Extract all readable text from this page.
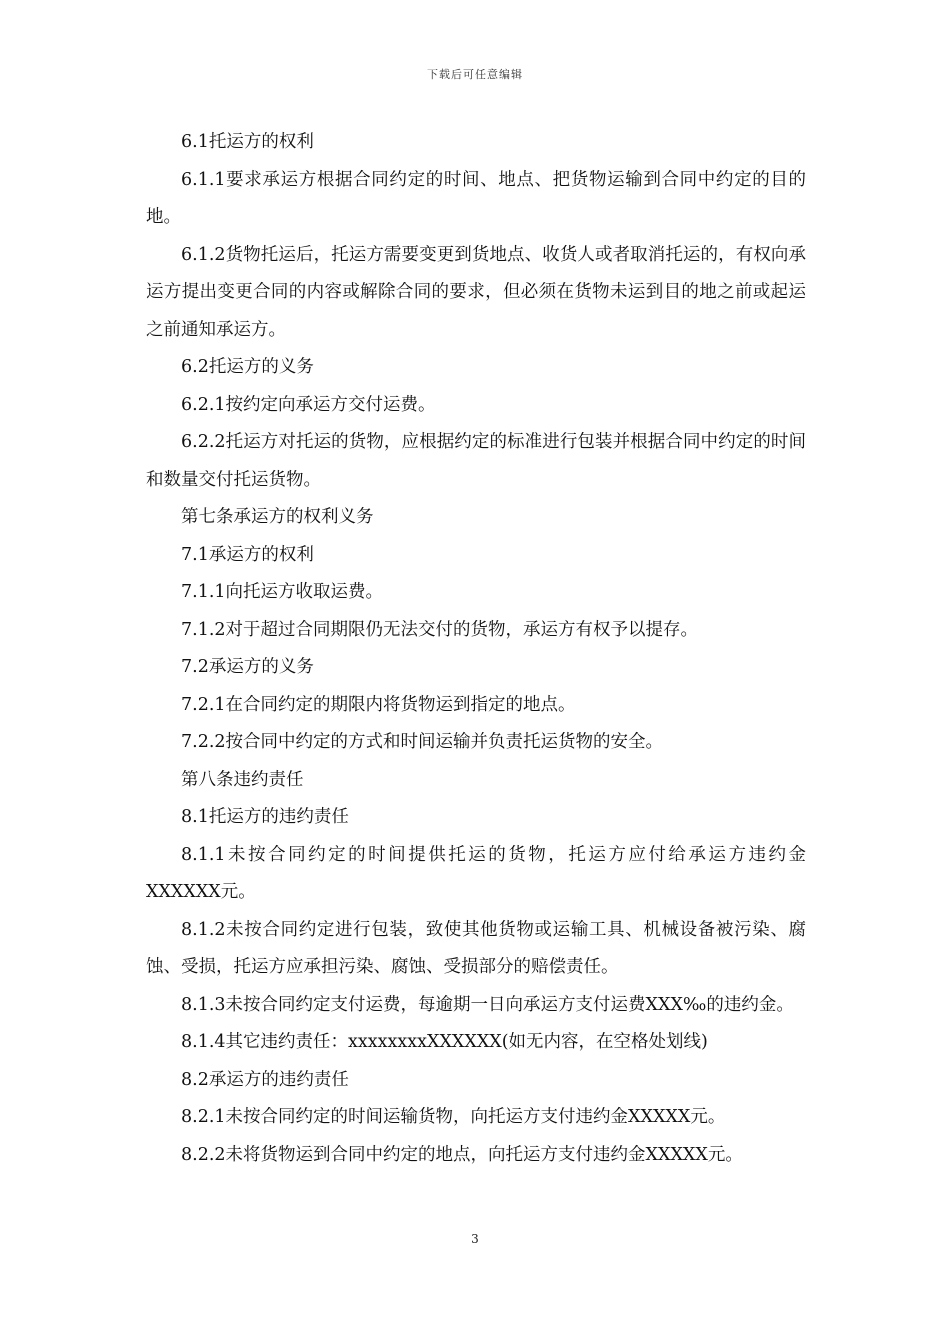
下载后可任意编辑

6.1托运方的权利

6.1.1要求承运方根据合同约定的时间、地点、把货物运输到合同中约定的目的地。

6.1.2货物托运后，托运方需要变更到货地点、收货人或者取消托运的，有权向承运方提出变更合同的内容或解除合同的要求，但必须在货物未运到目的地之前或起运之前通知承运方。

6.2托运方的义务

6.2.1按约定向承运方交付运费。

6.2.2托运方对托运的货物，应根据约定的标准进行包装并根据合同中约定的时间和数量交付托运货物。

第七条承运方的权利义务

7.1承运方的权利

7.1.1向托运方收取运费。

7.1.2对于超过合同期限仍无法交付的货物，承运方有权予以提存。

7.2承运方的义务

7.2.1在合同约定的期限内将货物运到指定的地点。

7.2.2按合同中约定的方式和时间运输并负责托运货物的安全。

第八条违约责任

8.1托运方的违约责任

8.1.1未按合同约定的时间提供托运的货物，托运方应付给承运方违约金XXXXXX元。

8.1.2未按合同约定进行包装，致使其他货物或运输工具、机械设备被污染、腐蚀、受损，托运方应承担污染、腐蚀、受损部分的赔偿责任。

8.1.3未按合同约定支付运费，每逾期一日向承运方支付运费XXX‰的违约金。

8.1.4其它违约责任：xxxxxxxxXXXXXX(如无内容，在空格处划线)

8.2承运方的违约责任

8.2.1未按合同约定的时间运输货物，向托运方支付违约金XXXXX元。

8.2.2未将货物运到合同中约定的地点，向托运方支付违约金XXXXX元。

3
